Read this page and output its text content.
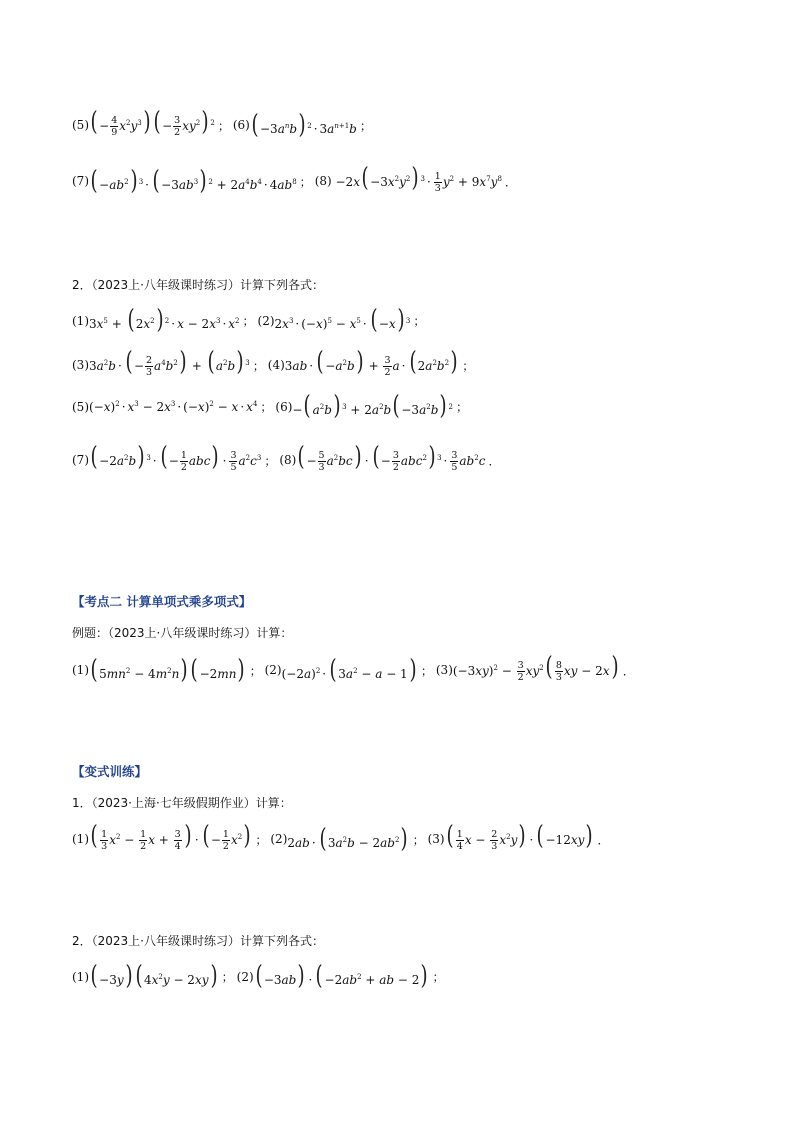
(5) ( − $\frac{4}{9} x^2y^3$) ( − $\frac{3}{2} xy^2$) $^2$ ； (6) ( $-3a^nb$) $^2 \cdot 3a^{n+1}b$ ；
(7) ( $-ab^2$) $^3$ · ( $-3ab^3$) $^2 + 2a^4b^4 \cdot 4ab^8$ ； $(8) -2x( -3x^2y^2)$ $^3 \cdot \frac{1}{3} y^2 + 9x^7y^8$ ．
2．（2023上·八年级课时练习）计算下列各式：
(1) $3x^5$ + ( $2x^2$) $^2 \cdot x - 2x^3 \cdot x^2$ ； (2) $2x^3 \cdot (-x)^5 - x^5$ · ( −x) $^3$ ；
(3) $3a^2b$ · ( − $\frac{2}{3} a^4b^2$) + ( $a^2b$) $^3$ ； (4) 3ab · ( $-a^2b) + \frac{3}{2}$ a · ( $2a^2b^2$) ；
(5) $(-x)^2 \cdot x^3 - 2x^3 \cdot (-x)^2 - x \cdot x^4$ ； (6) −( $a^2b$) $^3 + 2a^2b( -3a^2b)$ $^2$ ；
(7) ( $-2a^2b$) $^3$ · ( − $\frac{1}{2} abc) \cdot \frac{3}{5} a^2c^3$ ； (8) ( − $\frac{5}{3} a^2bc$) · ( − $\frac{3}{2} abc^2$) $^3 \cdot \frac{3}{5} ab^2c$ ．
【考点二 计算单项式乘多项式】
例题：（2023上·八年级课时练习）计算：
(1) ( $5mn^2 - 4m^2n$) ( −2mn) ； (2) $(-2a)^2$ · ( $3a^2 - a - 1$) ； (3) $(-3xy)^2 - \frac{3}{2} xy^2( \frac{8}{3}$ xy − 2x) ．
【变式训练】
1．（2023·上海·七年级假期作业）计算：
(1) ( $\frac{1}{3} x^2 - \frac{1}{2}$ $x + \frac{3}{4}$ ) · ( − $\frac{1}{2} x^2$) ； (2) 2ab · ( $3a^2b - 2ab^2$) ； (3) ( $\frac{1}{4}$ $x - \frac{2}{3} x^2y$) · ( −12xy) ．
2．（2023上·八年级课时练习）计算下列各式：
(1) ( −3y) ( $4x^2y - 2xy$) ； (2) ( −3ab) · ( $-2ab^2$ + ab − 2) ；
